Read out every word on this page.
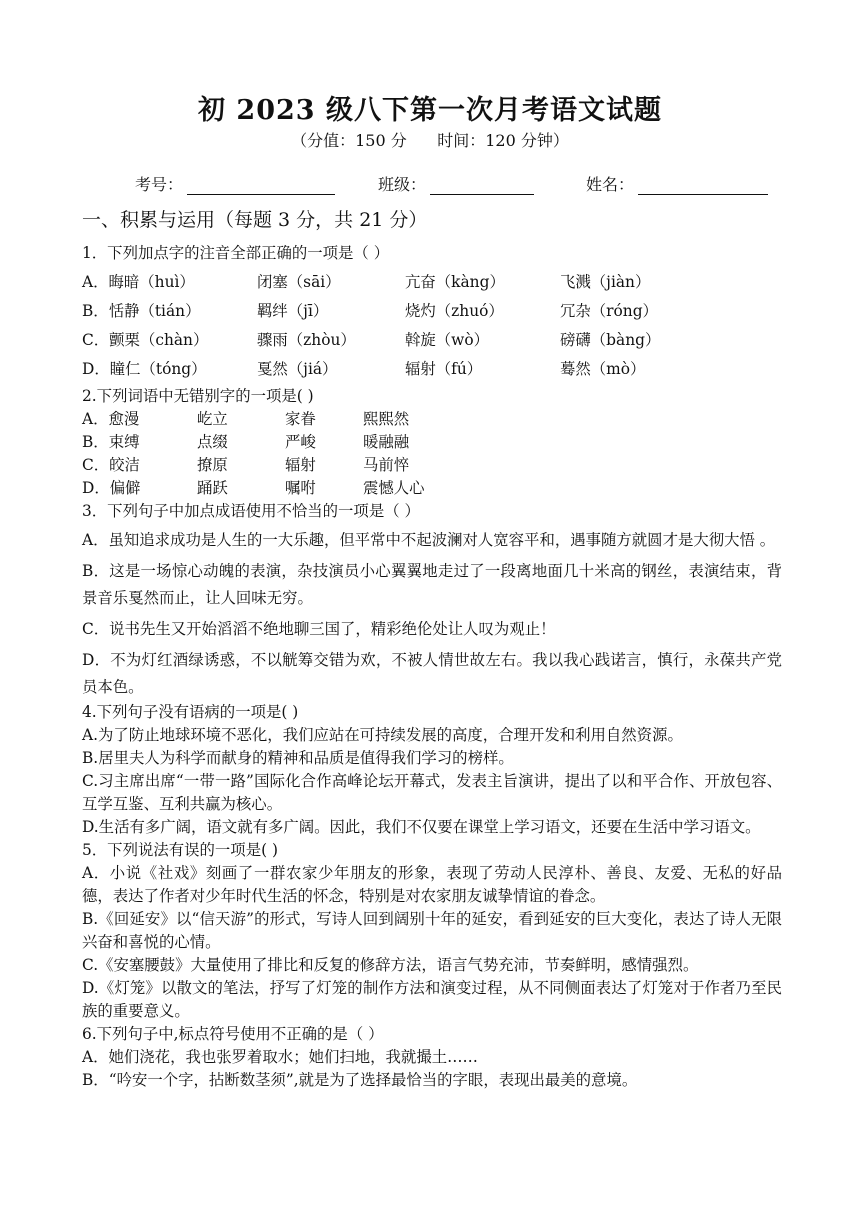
初 2023 级八下第一次月考语文试题
（分值：150 分      时间：120 分钟）
考号：	班级：	姓名：
一、积累与运用（每题 3 分，共 21 分）
1．下列加点字的注音全部正确的一项是（ ）
A．晦暗（huì）	闭塞（sāi）	亢奋（kàng）	飞溅（jiàn）
B．恬静（tián）	羁绊（jī）	烧灼（zhuó）	冗杂（róng）
C．颤栗（chàn）	骤雨（zhòu）	斡旋（wò）	磅礴（bàng）
D．瞳仁（tóng）	戛然（jiá）	辐射（fú）	蓦然（mò）
2.下列词语中无错别字的一项是( )
A．愈漫	屹立	家眷	熙熙然
B．束缚	点缀	严峻	暖融融
C．皎洁	撩原	辐射	马前悴
D．偏僻	踊跃	嘱咐	震憾人心
3．下列句子中加点成语使用不恰当的一项是（ ）
A．虽知追求成功是人生的一大乐趣，但平常中不起波澜对人宽容平和，遇事随方就圆才是大彻大悟 。
B．这是一场惊心动魄的表演，杂技演员小心翼翼地走过了一段离地面几十米高的钢丝，表演结束，背景音乐戛然而止，让人回味无穷。
C．说书先生又开始滔滔不绝地聊三国了，精彩绝伦处让人叹为观止！
D．不为灯红酒绿诱惑，不以觥筹交错为欢，不被人情世故左右。我以我心践诺言，慎行，永葆共产党员本色。
4.下列句子没有语病的一项是( )
A.为了防止地球环境不恶化，我们应站在可持续发展的高度，合理开发和利用自然资源。
B.居里夫人为科学而献身的精神和品质是值得我们学习的榜样。
C.习主席出席“一带一路”国际化合作高峰论坛开幕式，发表主旨演讲，提出了以和平合作、开放包容、互学互鉴、互利共赢为核心。
D.生活有多广阔，语文就有多广阔。因此，我们不仅要在课堂上学习语文，还要在生活中学习语文。
5．下列说法有误的一项是( )
A．小说《社戏》刻画了一群农家少年朋友的形象，表现了劳动人民淳朴、善良、友爱、无私的好品德，表达了作者对少年时代生活的怀念，特别是对农家朋友诚挚情谊的眷念。
B.《回延安》以“信天游”的形式，写诗人回到阔别十年的延安，看到延安的巨大变化，表达了诗人无限兴奋和喜悦的心情。
C.《安塞腰鼓》大量使用了排比和反复的修辞方法，语言气势充沛，节奏鲜明，感情强烈。
D.《灯笼》以散文的笔法，抒写了灯笼的制作方法和演变过程，从不同侧面表达了灯笼对于作者乃至民族的重要意义。
6.下列句子中,标点符号使用不正确的是（ ）
A．她们浇花，我也张罗着取水；她们扫地，我就撮土……
B．“吟安一个字，拈断数茎须”,就是为了选择最恰当的字眼，表现出最美的意境。
